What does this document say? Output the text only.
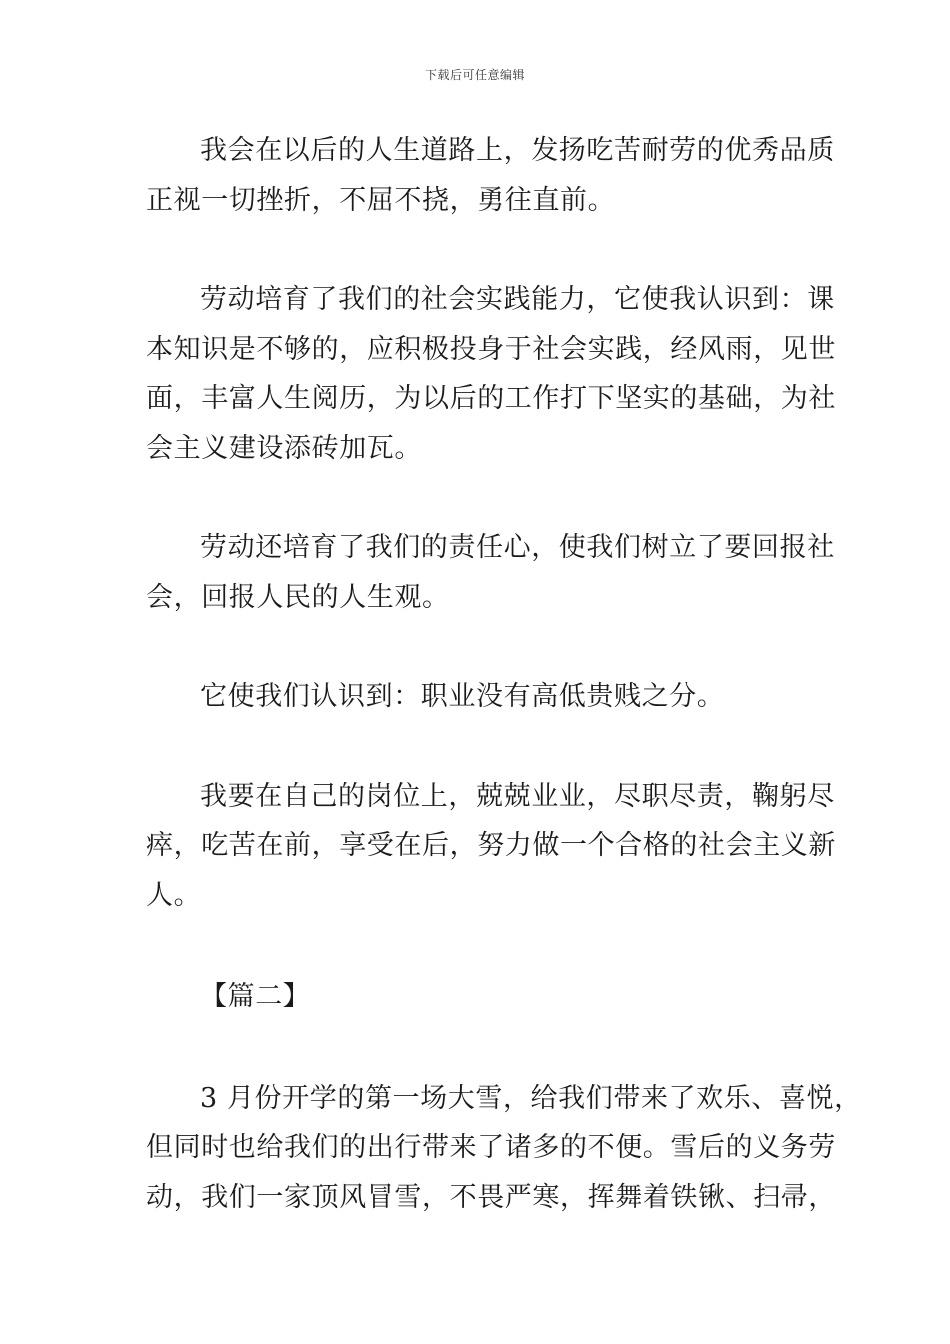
下载后可任意编辑

我会在以后的人生道路上，发扬吃苦耐劳的优秀品质
正视一切挫折，不屈不挠，勇往直前。

劳动培育了我们的社会实践能力，它使我认识到：课
本知识是不够的，应积极投身于社会实践，经风雨，见世
面，丰富人生阅历，为以后的工作打下坚实的基础，为社
会主义建设添砖加瓦。

劳动还培育了我们的责任心，使我们树立了要回报社
会，回报人民的人生观。

它使我们认识到：职业没有高低贵贱之分。

我要在自己的岗位上，兢兢业业，尽职尽责，鞠躬尽
瘁，吃苦在前，享受在后，努力做一个合格的社会主义新
人。

【篇二】

3 月份开学的第一场大雪，给我们带来了欢乐、喜悦，
但同时也给我们的出行带来了诸多的不便。雪后的义务劳
动，我们一家顶风冒雪，不畏严寒，挥舞着铁锹、扫帚，
